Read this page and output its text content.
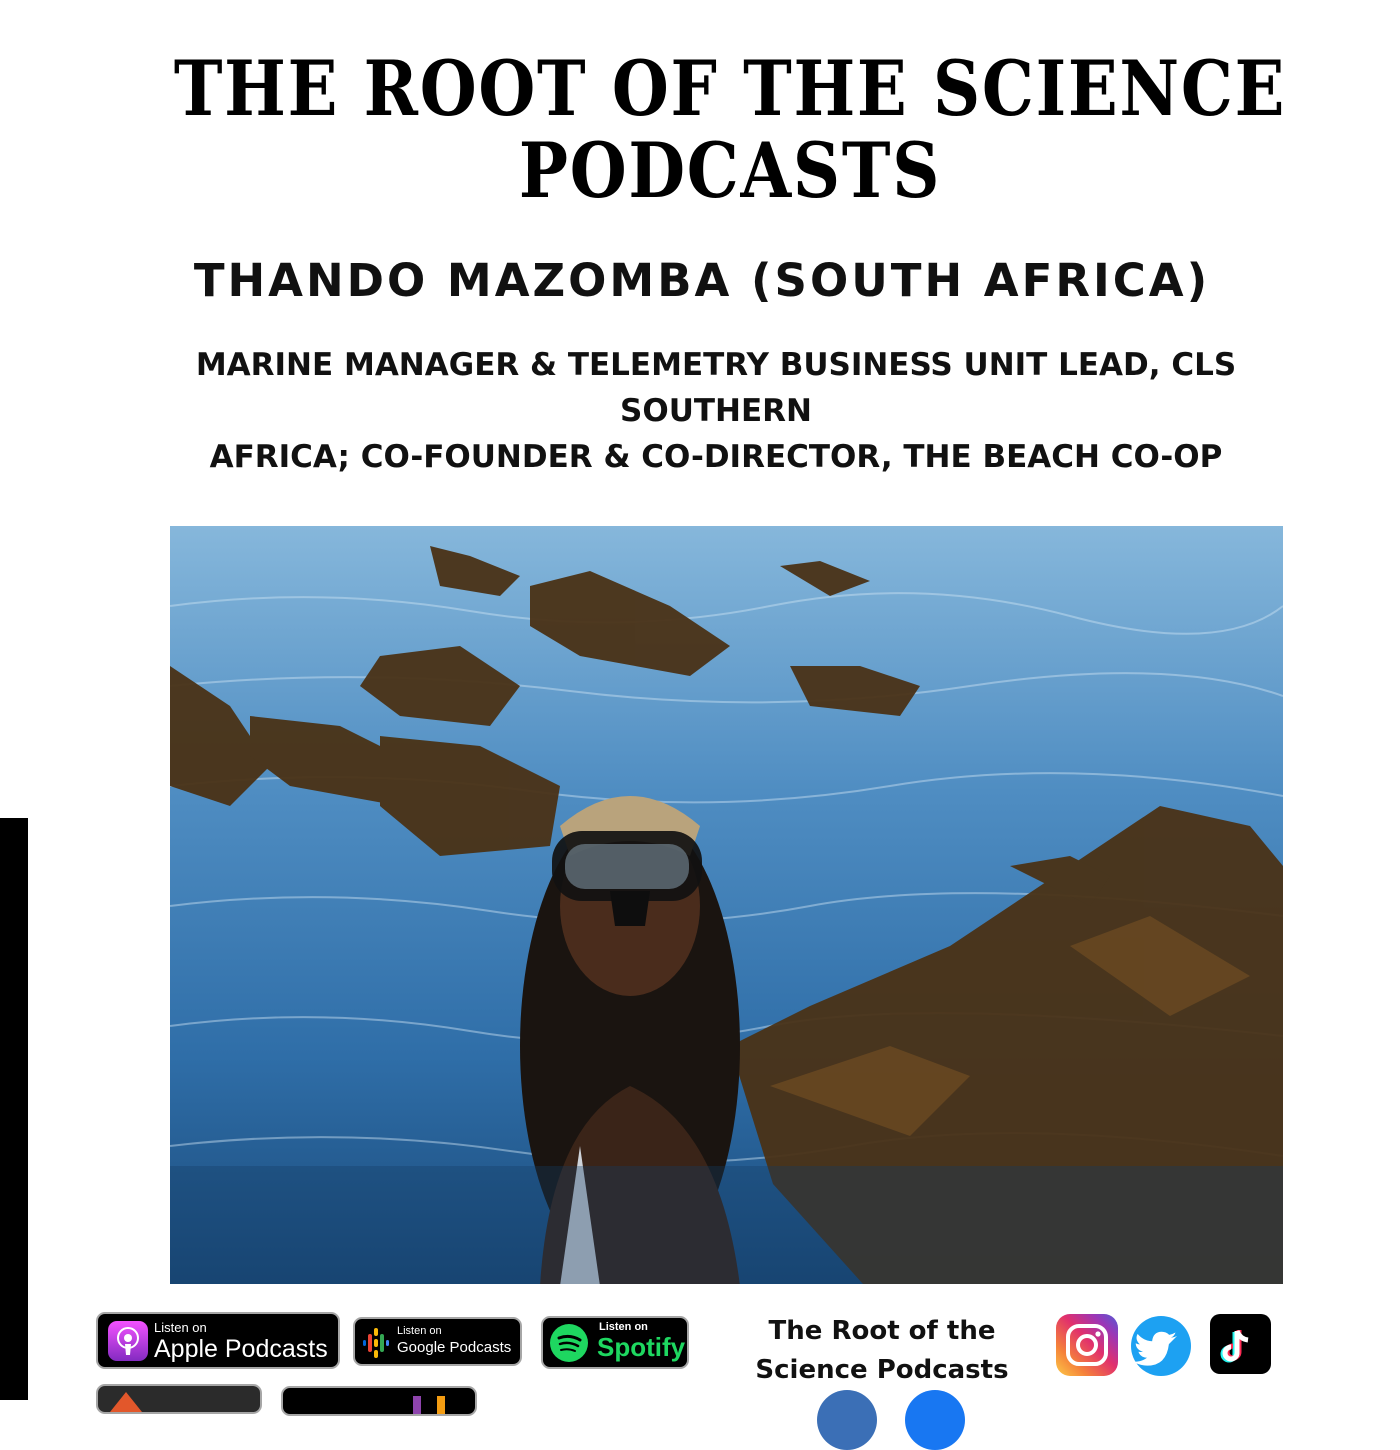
THE ROOT OF THE SCIENCE
PODCASTS
THANDO MAZOMBA (SOUTH AFRICA)

MARINE MANAGER & TELEMETRY BUSINESS UNIT LEAD, CLS SOUTHERN
AFRICA; CO-FOUNDER & CO-DIRECTOR, THE BEACH CO-OP

Listen on
Apple Podcasts
Listen on
Google Podcasts
Listen on
Spotify

The Root of the
Science Podcasts
